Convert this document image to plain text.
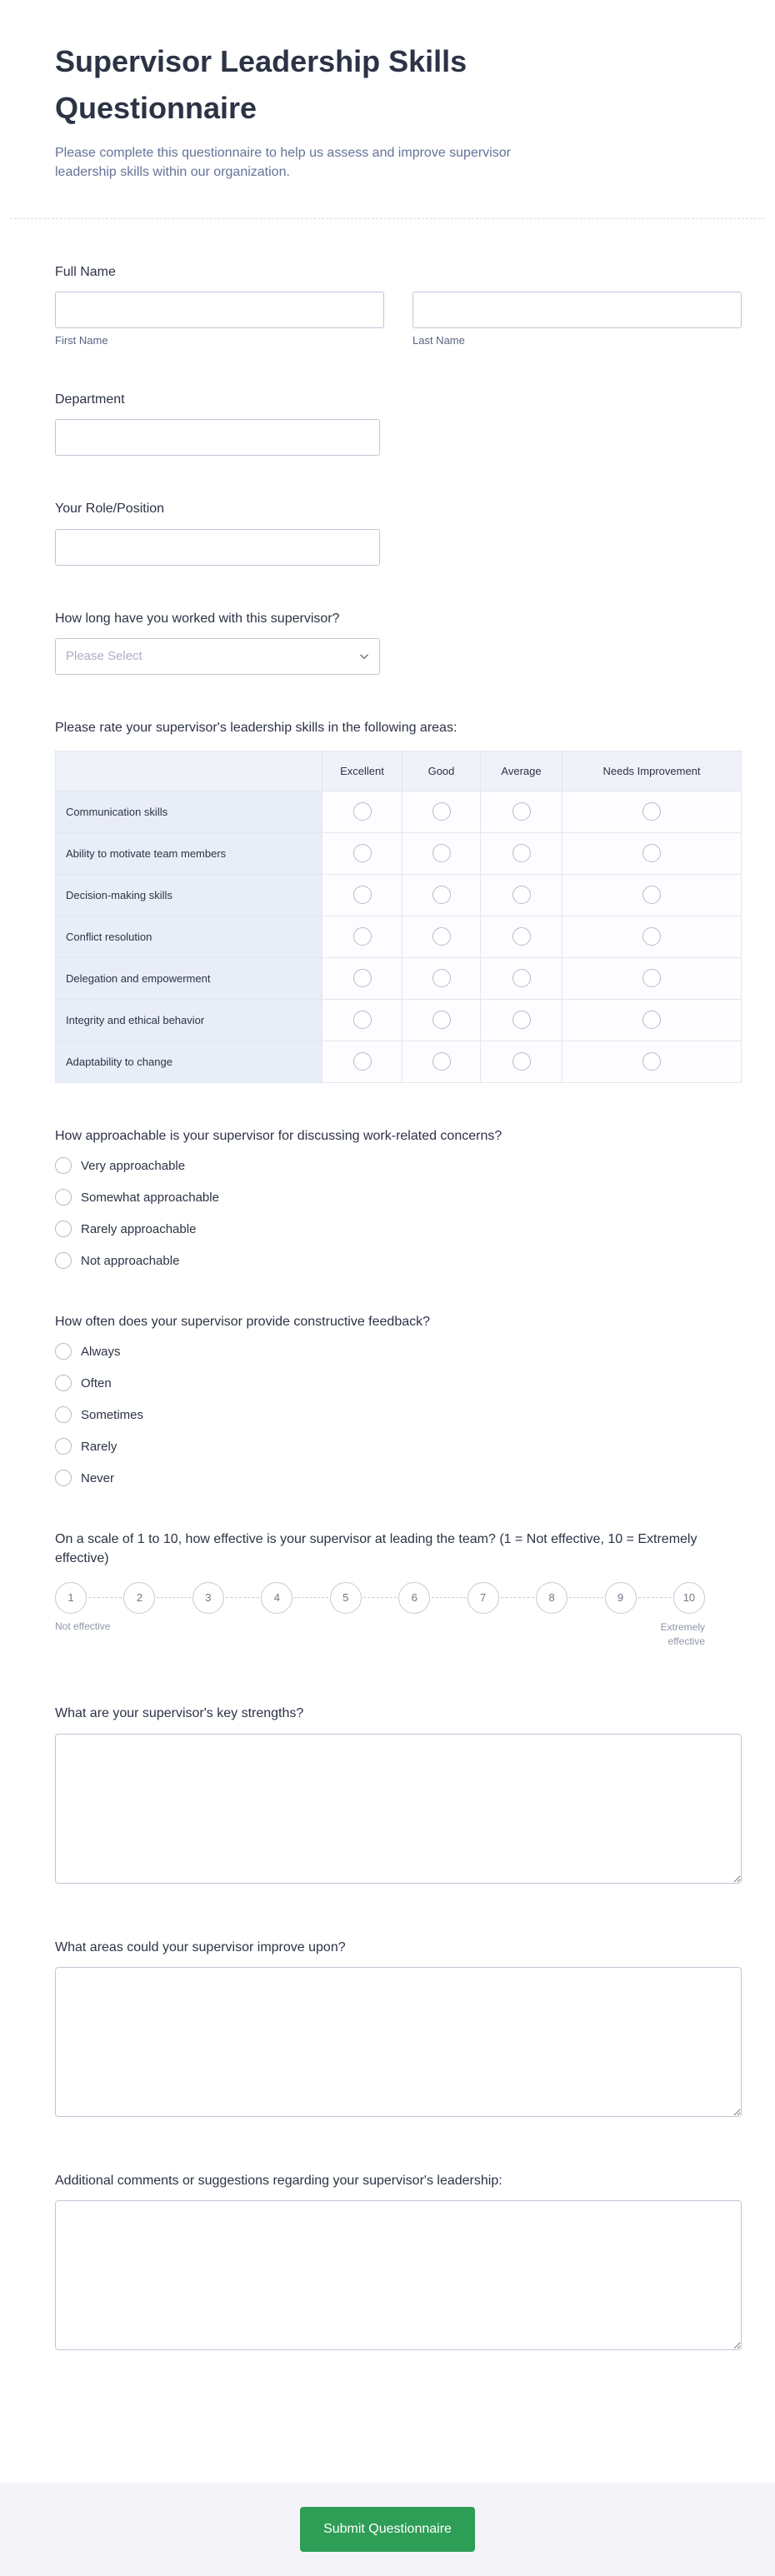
Supervisor Leadership Skills Questionnaire

Please complete this questionnaire to help us assess and improve supervisor leadership skills within our organization.

Full Name
First Name	Last Name
Department
Your Role/Position
How long have you worked with this supervisor?
Please Select
Please rate your supervisor's leadership skills in the following areas:
	Excellent	Good	Average	Needs Improvement
Communication skills				
Ability to motivate team members				
Decision-making skills				
Conflict resolution				
Delegation and empowerment				
Integrity and ethical behavior				
Adaptability to change				
How approachable is your supervisor for discussing work-related concerns?
Very approachable
Somewhat approachable
Rarely approachable
Not approachable
How often does your supervisor provide constructive feedback?
Always
Often
Sometimes
Rarely
Never
On a scale of 1 to 10, how effective is your supervisor at leading the team? (1 = Not effective, 10 = Extremely effective)
1	2	3	4	5	6	7	8	9	10
Not effective	Extremely effective
What are your supervisor's key strengths?
What areas could your supervisor improve upon?
Additional comments or suggestions regarding your supervisor's leadership:
Submit Questionnaire
